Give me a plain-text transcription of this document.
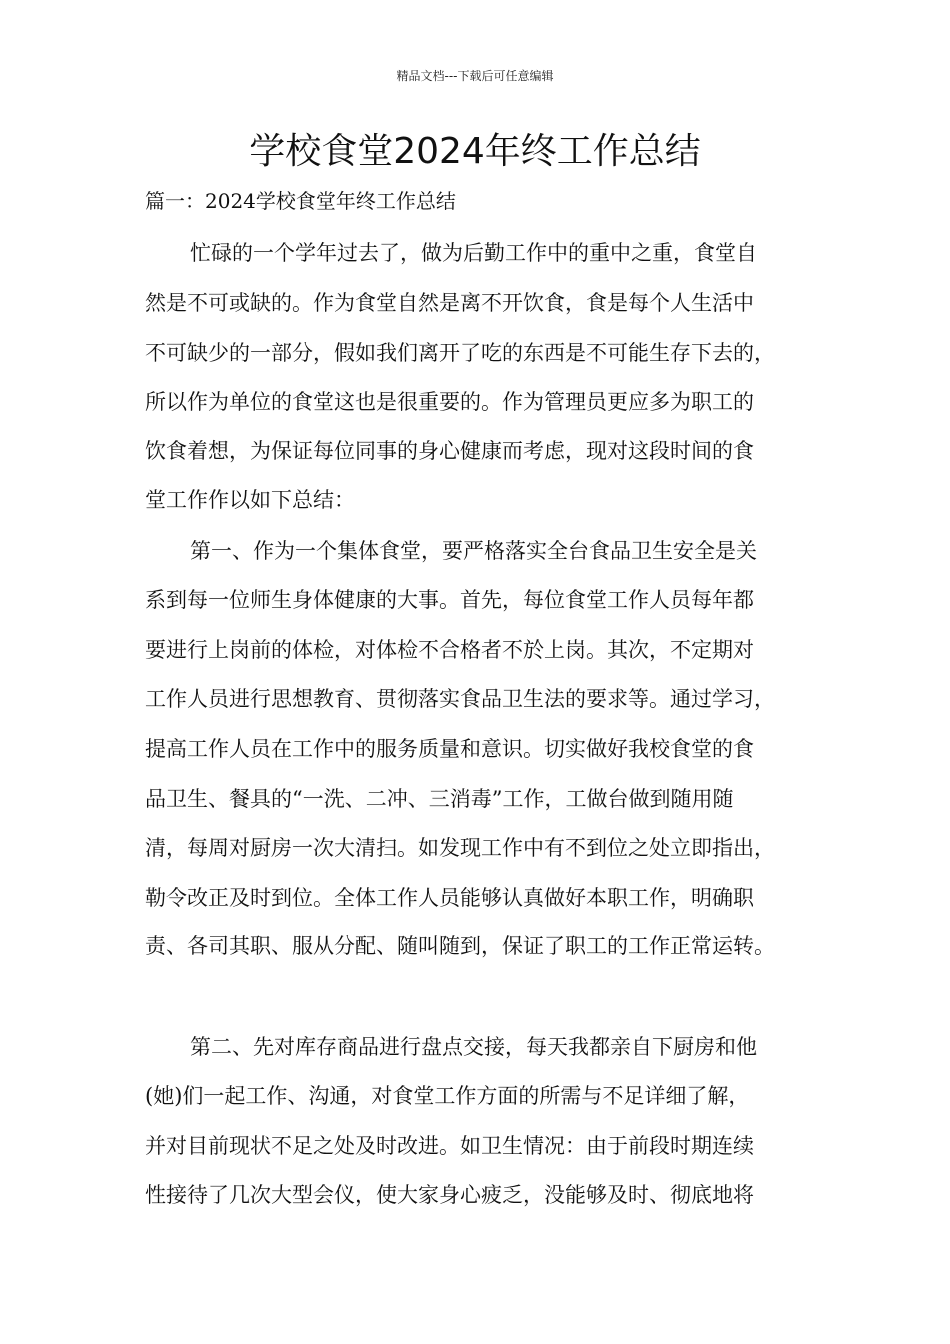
精品文档---下载后可任意编辑
学校食堂2024年终工作总结
篇一：2024学校食堂年终工作总结

忙碌的一个学年过去了，做为后勤工作中的重中之重，食堂自

然是不可或缺的。作为食堂自然是离不开饮食，食是每个人生活中

不可缺少的一部分，假如我们离开了吃的东西是不可能生存下去的，

所以作为单位的食堂这也是很重要的。作为管理员更应多为职工的

饮食着想，为保证每位同事的身心健康而考虑，现对这段时间的食

堂工作作以如下总结：

第一、作为一个集体食堂，要严格落实全台食品卫生安全是关

系到每一位师生身体健康的大事。首先，每位食堂工作人员每年都

要进行上岗前的体检，对体检不合格者不於上岗。其次，不定期对

工作人员进行思想教育、贯彻落实食品卫生法的要求等。通过学习，

提高工作人员在工作中的服务质量和意识。切实做好我校食堂的食

品卫生、餐具的“一洗、二冲、三消毒”工作，工做台做到随用随

清，每周对厨房一次大清扫。如发现工作中有不到位之处立即指出，

勒令改正及时到位。全体工作人员能够认真做好本职工作，明确职

责、各司其职、服从分配、随叫随到，保证了职工的工作正常运转。

第二、先对库存商品进行盘点交接，每天我都亲自下厨房和他

(她)们一起工作、沟通，对食堂工作方面的所需与不足详细了解，

并对目前现状不足之处及时改进。如卫生情况：由于前段时期连续

性接待了几次大型会仪，使大家身心疲乏，没能够及时、彻底地将
